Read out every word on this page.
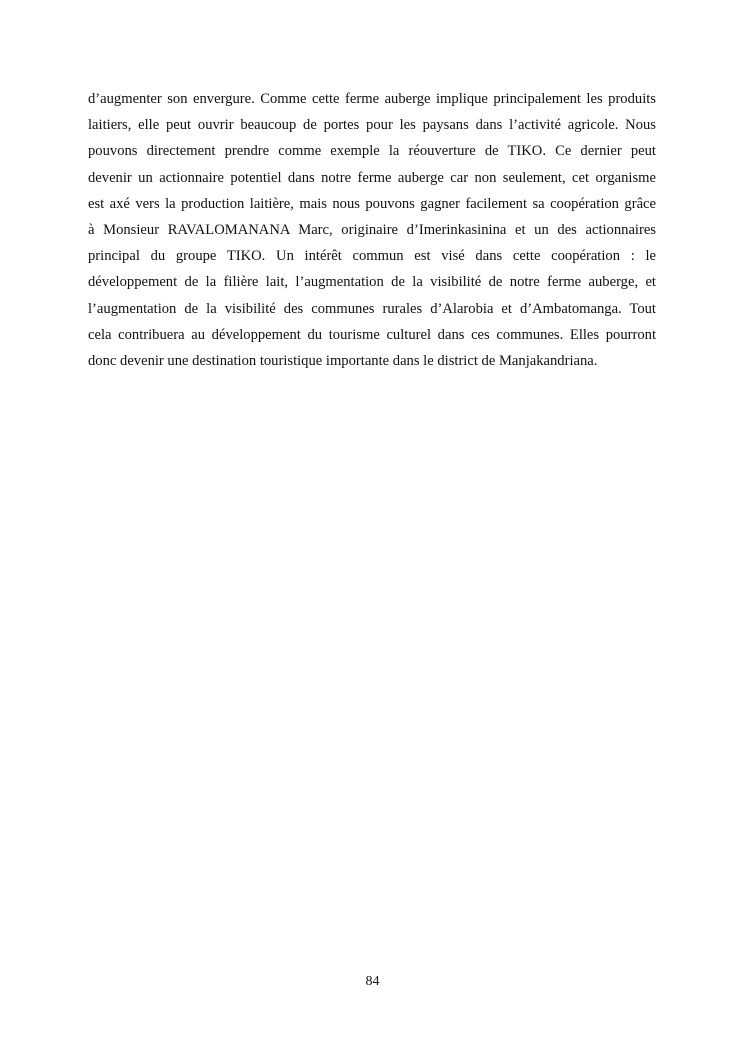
d’augmenter son envergure. Comme cette ferme auberge implique principalement les produits
laitiers, elle peut ouvrir beaucoup de portes pour les paysans dans l’activité agricole. Nous
pouvons directement prendre comme exemple la réouverture de TIKO. Ce dernier peut
devenir un actionnaire potentiel dans notre ferme auberge car non seulement, cet organisme
est axé vers la production laitière, mais nous pouvons gagner facilement sa coopération grâce
à Monsieur RAVALOMANANA Marc, originaire d’Imerinkasinina et un des actionnaires
principal du groupe TIKO. Un intérêt commun est visé dans cette coopération : le
développement de la filière lait, l’augmentation de la visibilité de notre ferme auberge, et
l’augmentation de la visibilité des communes rurales d’Alarobia et d’Ambatomanga. Tout
cela contribuera au développement du tourisme culturel dans ces communes. Elles pourront
donc devenir une destination touristique importante dans le district de Manjakandriana.

84
